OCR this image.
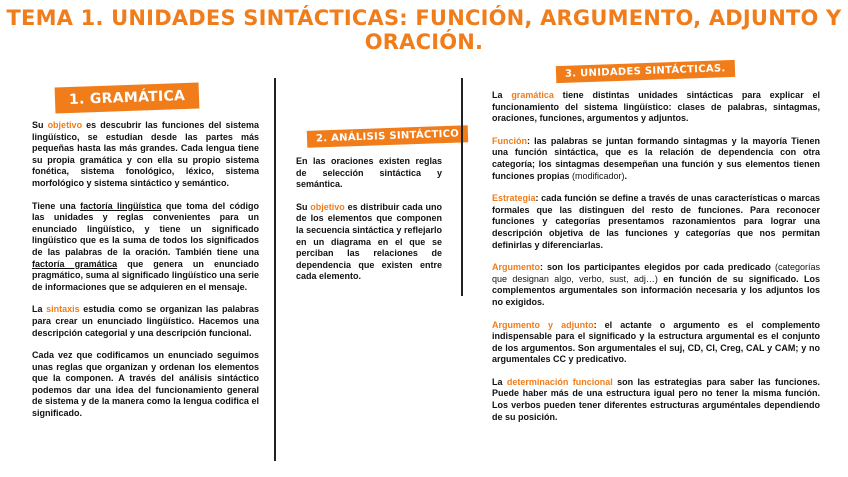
TEMA 1. UNIDADES SINTÁCTICAS: FUNCIÓN, ARGUMENTO, ADJUNTO Y ORACIÓN.
1. GRAMÁTICA
2. ANÁLISIS SINTÁCTICO
3. UNIDADES SINTÁCTICAS.

Su objetivo es descubrir las funciones del sistema lingüístico, se estudian desde las partes más pequeñas hasta las más grandes. Cada lengua tiene su propia gramática y con ella su propio sistema fonética, sistema fonológico, léxico, sistema morfológico y sistema sintáctico y semántico.

Tiene una factoría lingüística que toma del código las unidades y reglas convenientes para un enunciado lingüístico, y tiene un significado lingüístico que es la suma de todos los significados de las palabras de la oración. También tiene una factoría gramática que genera un enunciado pragmático, suma al significado lingüístico una serie de informaciones que se adquieren en el mensaje.

La sintaxis estudia como se organizan las palabras para crear un enunciado lingüístico. Hacemos una descripción categorial y una descripción funcional.

Cada vez que codificamos un enunciado seguimos unas reglas que organizan y ordenan los elementos que la componen. A través del análisis sintáctico podemos dar una idea del funcionamiento general de sistema y de la manera como la lengua codifica el significado.

En las oraciones existen reglas de selección sintáctica y semántica.

Su objetivo es distribuir cada uno de los elementos que componen la secuencia sintáctica y reflejarlo en un diagrama en el que se perciban las relaciones de dependencia que existen entre cada elemento.

La gramática tiene distintas unidades sintácticas para explicar el funcionamiento del sistema lingüístico: clases de palabras, sintagmas, oraciones, funciones, argumentos y adjuntos.

Función: las palabras se juntan formando sintagmas y la mayoría Tienen una función sintáctica, que es la relación de dependencia con otra categoría; los sintagmas desempeñan una función y sus elementos tienen funciones propias (modificador).

Estrategia: cada función se define a través de unas características o marcas formales que las distinguen del resto de funciones. Para reconocer funciones y categorías presentamos razonamientos para lograr una descripción objetiva de las funciones y categorías que nos permitan definirlas y diferenciarlas.

Argumento: son los participantes elegidos por cada predicado (categorías que designan algo, verbo, sust, adj…) en función de su significado. Los complementos argumentales son información necesaria y los adjuntos los no exigidos.

Argumento y adjunto: el actante o argumento es el complemento indispensable para el significado y la estructura argumental es el conjunto de los argumentos. Son argumentales el suj, CD, CI, Creg, CAL y CAM; y no argumentales CC y predicativo.

La determinación funcional son las estrategias para saber las funciones. Puede haber más de una estructura igual pero no tener la misma función. Los verbos pueden tener diferentes estructuras arguméntales dependiendo de su posición.
